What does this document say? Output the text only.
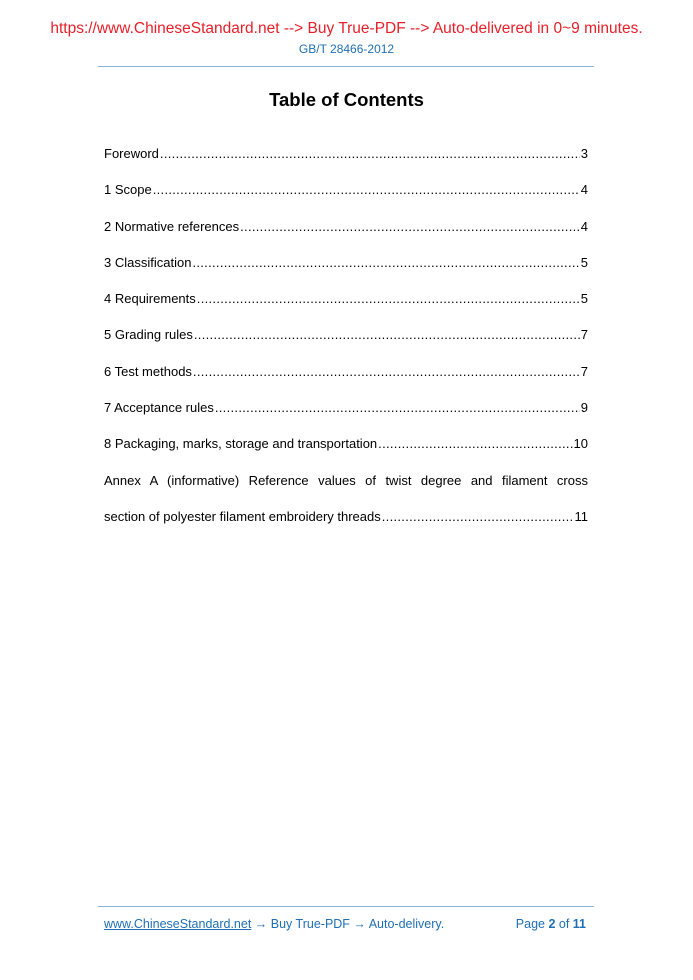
https://www.ChineseStandard.net --> Buy True-PDF --> Auto-delivered in 0~9 minutes.
GB/T 28466-2012
Table of Contents
Foreword .....	3
1 Scope .....	4
2 Normative references .....	4
3 Classification .....	5
4 Requirements .....	5
5 Grading rules .....	7
6 Test methods .....	7
7 Acceptance rules .....	9
8 Packaging, marks, storage and transportation .....	10
Annex A (informative) Reference values of twist degree and filament cross
section of polyester filament embroidery threads .....	11
www.ChineseStandard.net → Buy True-PDF → Auto-delivery.	Page 2 of 11
